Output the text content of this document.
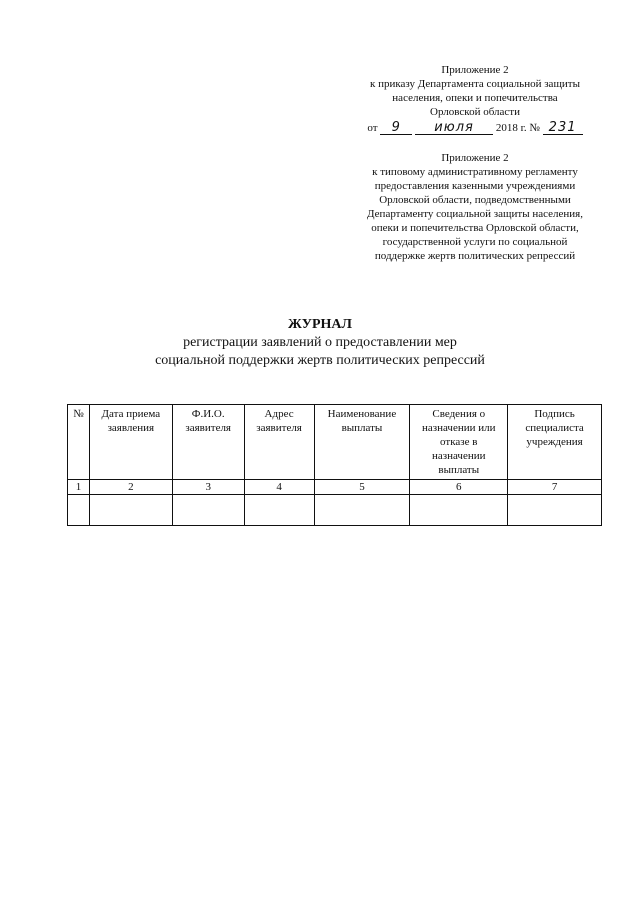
Приложение 2
к приказу Департамента социальной защиты
населения, опеки и попечительства
Орловской области
от 9	июля 2018 г. № 231
Приложение 2
к типовому административному регламенту
предоставления казенными учреждениями
Орловской области, подведомственными
Департаменту социальной защиты населения,
опеки и попечительства Орловской области,
государственной услуги по социальной
поддержке жертв политических репрессий
ЖУРНАЛ
регистрации заявлений о предоставлении мер
социальной поддержки жертв политических репрессий
№	Дата приема заявления	Ф.И.О. заявителя	Адрес заявителя	Наименование выплаты	Сведения о назначении или отказе в назначении выплаты	Подпись специалиста учреждения
1	2	3	4	5	6	7
